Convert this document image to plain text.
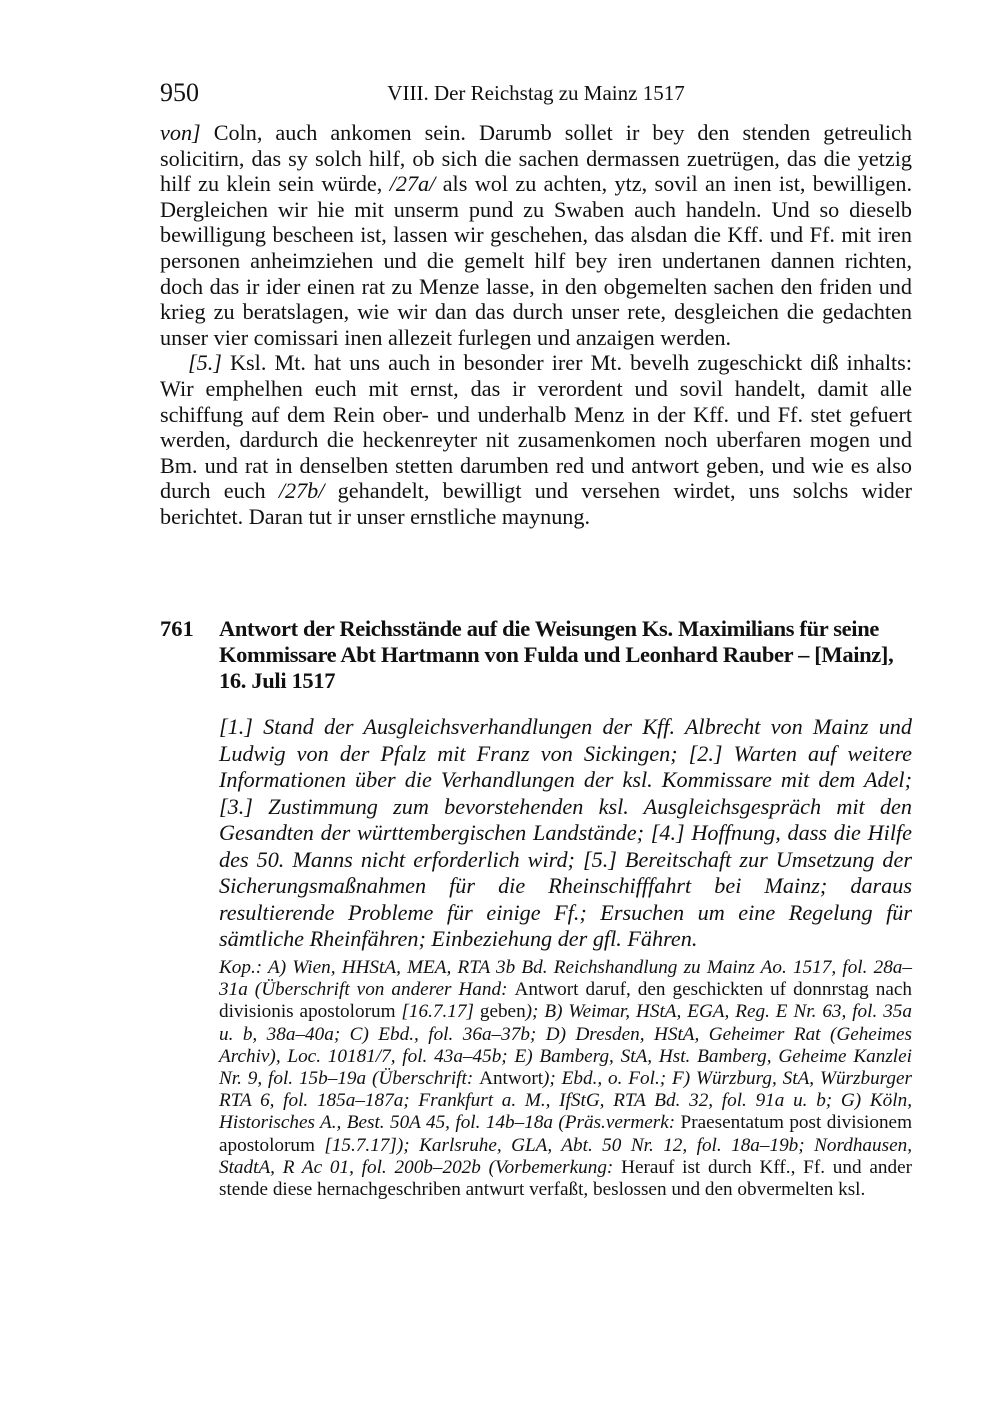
950	VIII. Der Reichstag zu Mainz 1517

von] Coln, auch ankomen sein. Darumb sollet ir bey den stenden getreulich solicitirn, das sy solch hilf, ob sich die sachen dermassen zuetrügen, das die yetzig hilf zu klein sein würde, /27a/ als wol zu achten, ytz, sovil an inen ist, bewilligen. Dergleichen wir hie mit unserm pund zu Swaben auch handeln. Und so dieselb bewilligung bescheen ist, lassen wir geschehen, das alsdan die Kff. und Ff. mit iren personen anheimziehen und die gemelt hilf bey iren undertanen dannen richten, doch das ir ider einen rat zu Menze lasse, in den obgemelten sachen den friden und krieg zu beratslagen, wie wir dan das durch unser rete, desgleichen die gedachten unser vier comissari inen allezeit furlegen und anzaigen werden.

[5.] Ksl. Mt. hat uns auch in besonder irer Mt. bevelh zugeschickt diß inhalts: Wir emphelhen euch mit ernst, das ir verordent und sovil handelt, damit alle schiffung auf dem Rein ober- und underhalb Menz in der Kff. und Ff. stet gefuert werden, dardurch die heckenreyter nit zusamenkomen noch uberfaren mogen und Bm. und rat in denselben stetten darumben red und antwort geben, und wie es also durch euch /27b/ gehandelt, bewilligt und versehen wirdet, uns solchs wider berichtet. Daran tut ir unser ernstliche maynung.

761 Antwort der Reichsstände auf die Weisungen Ks. Maximilians für seine Kommissare Abt Hartmann von Fulda und Leonhard Rauber – [Mainz], 16. Juli 1517
[1.] Stand der Ausgleichsverhandlungen der Kff. Albrecht von Mainz und Ludwig von der Pfalz mit Franz von Sickingen; [2.] Warten auf weitere Informationen über die Verhandlungen der ksl. Kommissare mit dem Adel; [3.] Zustimmung zum bevorstehenden ksl. Ausgleichsgespräch mit den Gesandten der württembergischen Landstände; [4.] Hoffnung, dass die Hilfe des 50. Manns nicht erforderlich wird; [5.] Bereitschaft zur Umsetzung der Sicherungsmaßnahmen für die Rheinschifffahrt bei Mainz; daraus resultierende Probleme für einige Ff.; Ersuchen um eine Regelung für sämtliche Rheinfähren; Einbeziehung der gfl. Fähren.
Kop.: A) Wien, HHStA, MEA, RTA 3b Bd. Reichshandlung zu Mainz Ao. 1517, fol. 28a–31a (Überschrift von anderer Hand: Antwort daruf, den geschickten uf donnrstag nach divisionis apostolorum [16.7.17] geben); B) Weimar, HStA, EGA, Reg. E Nr. 63, fol. 35a u. b, 38a–40a; C) Ebd., fol. 36a–37b; D) Dresden, HStA, Geheimer Rat (Geheimes Archiv), Loc. 10181/7, fol. 43a–45b; E) Bamberg, StA, Hst. Bamberg, Geheime Kanzlei Nr. 9, fol. 15b–19a (Überschrift: Antwort); Ebd., o. Fol.; F) Würzburg, StA, Würzburger RTA 6, fol. 185a–187a; Frankfurt a. M., IfStG, RTA Bd. 32, fol. 91a u. b; G) Köln, Historisches A., Best. 50A 45, fol. 14b–18a (Präs.vermerk: Praesentatum post divisionem apostolorum [15.7.17]); Karlsruhe, GLA, Abt. 50 Nr. 12, fol. 18a–19b; Nordhausen, StadtA, R Ac 01, fol. 200b–202b (Vorbemerkung: Herauf ist durch Kff., Ff. und ander stende diese hernachgeschriben antwurt verfaßt, beslossen und den obvermelten ksl.
